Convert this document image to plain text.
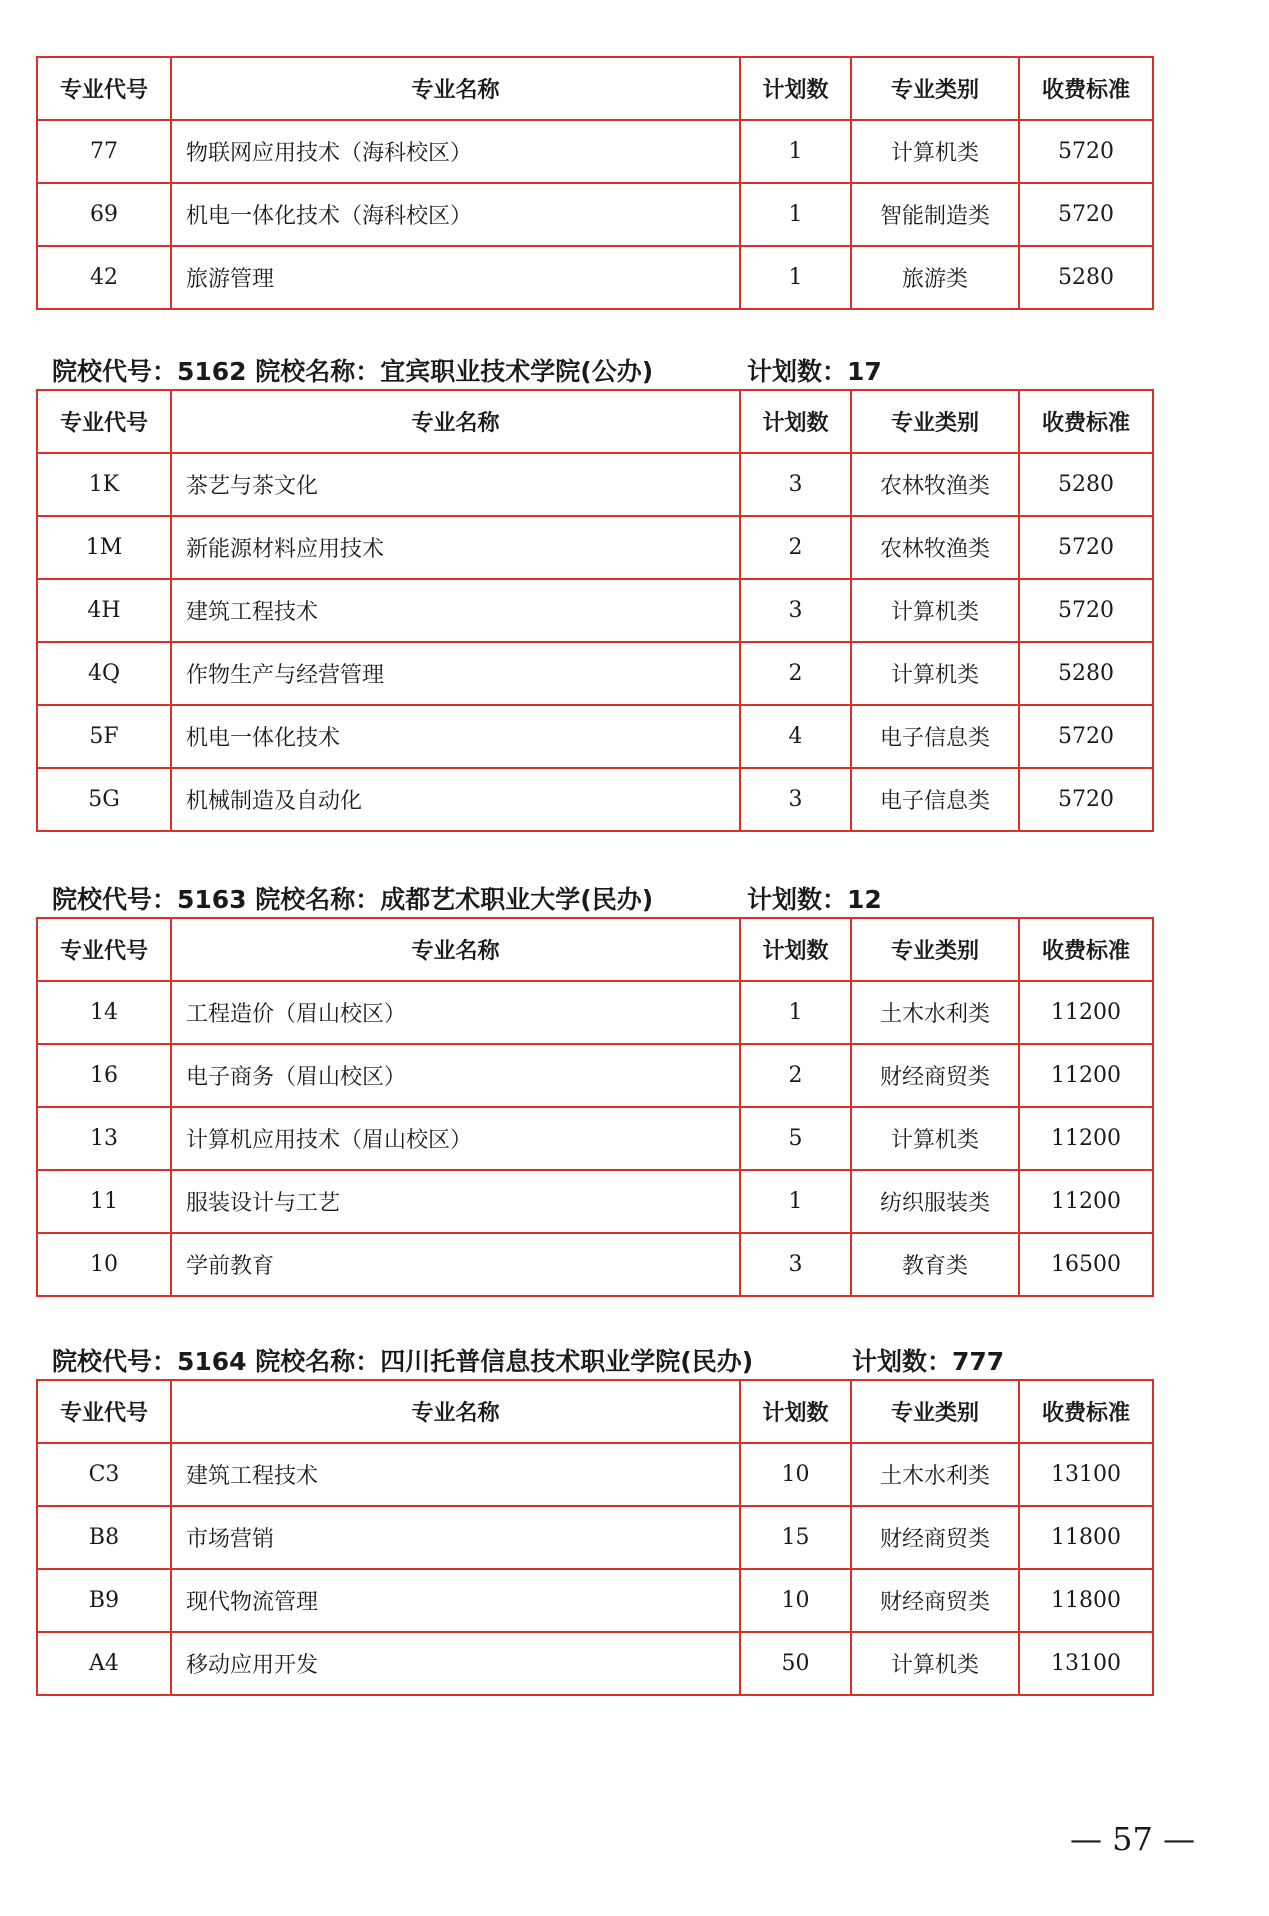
专业代号	专业名称	计划数	专业类别	收费标准
77	物联网应用技术（海科校区）	1	计算机类	5720
69	机电一体化技术（海科校区）	1	智能制造类	5720
42	旅游管理	1	旅游类	5280
院校代号：5162 院校名称：宜宾职业技术学院(公办)	计划数：17
专业代号	专业名称	计划数	专业类别	收费标准
1K	茶艺与茶文化	3	农林牧渔类	5280
1M	新能源材料应用技术	2	农林牧渔类	5720
4H	建筑工程技术	3	计算机类	5720
4Q	作物生产与经营管理	2	计算机类	5280
5F	机电一体化技术	4	电子信息类	5720
5G	机械制造及自动化	3	电子信息类	5720
院校代号：5163 院校名称：成都艺术职业大学(民办)	计划数：12
专业代号	专业名称	计划数	专业类别	收费标准
14	工程造价（眉山校区）	1	土木水利类	11200
16	电子商务（眉山校区）	2	财经商贸类	11200
13	计算机应用技术（眉山校区）	5	计算机类	11200
11	服装设计与工艺	1	纺织服装类	11200
10	学前教育	3	教育类	16500
院校代号：5164 院校名称：四川托普信息技术职业学院(民办)	计划数：777
专业代号	专业名称	计划数	专业类别	收费标准
C3	建筑工程技术	10	土木水利类	13100
B8	市场营销	15	财经商贸类	11800
B9	现代物流管理	10	财经商贸类	11800
A4	移动应用开发	50	计算机类	13100
— 57 —
